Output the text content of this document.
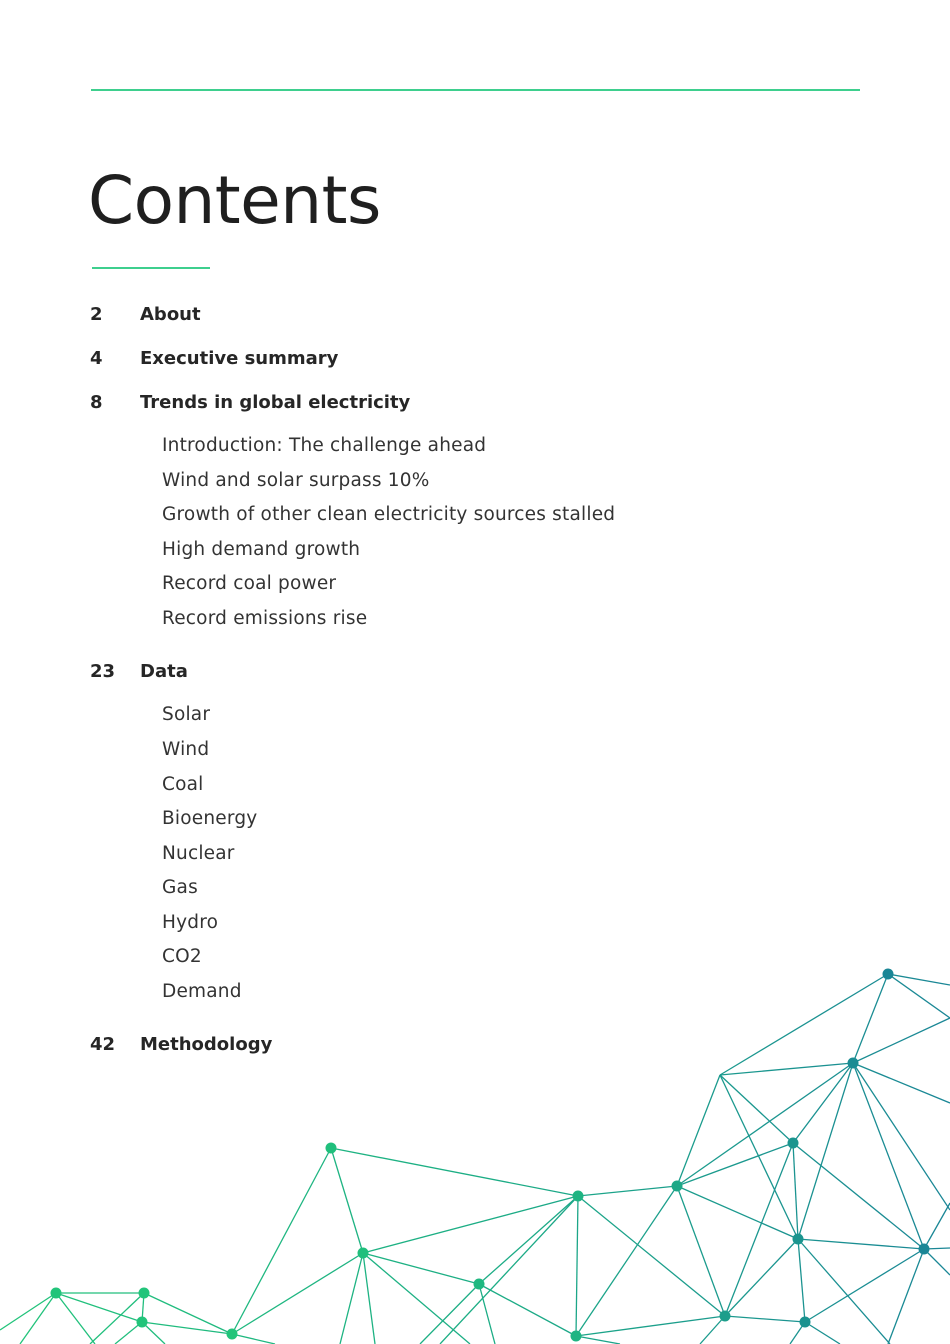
Contents
2	About
4	Executive summary
8	Trends in global electricity
Introduction: The challenge ahead
Wind and solar surpass 10%
Growth of other clean electricity sources stalled
High demand growth
Record coal power
Record emissions rise
23	Data
Solar
Wind
Coal
Bioenergy
Nuclear
Gas
Hydro
CO2
Demand
42	Methodology
